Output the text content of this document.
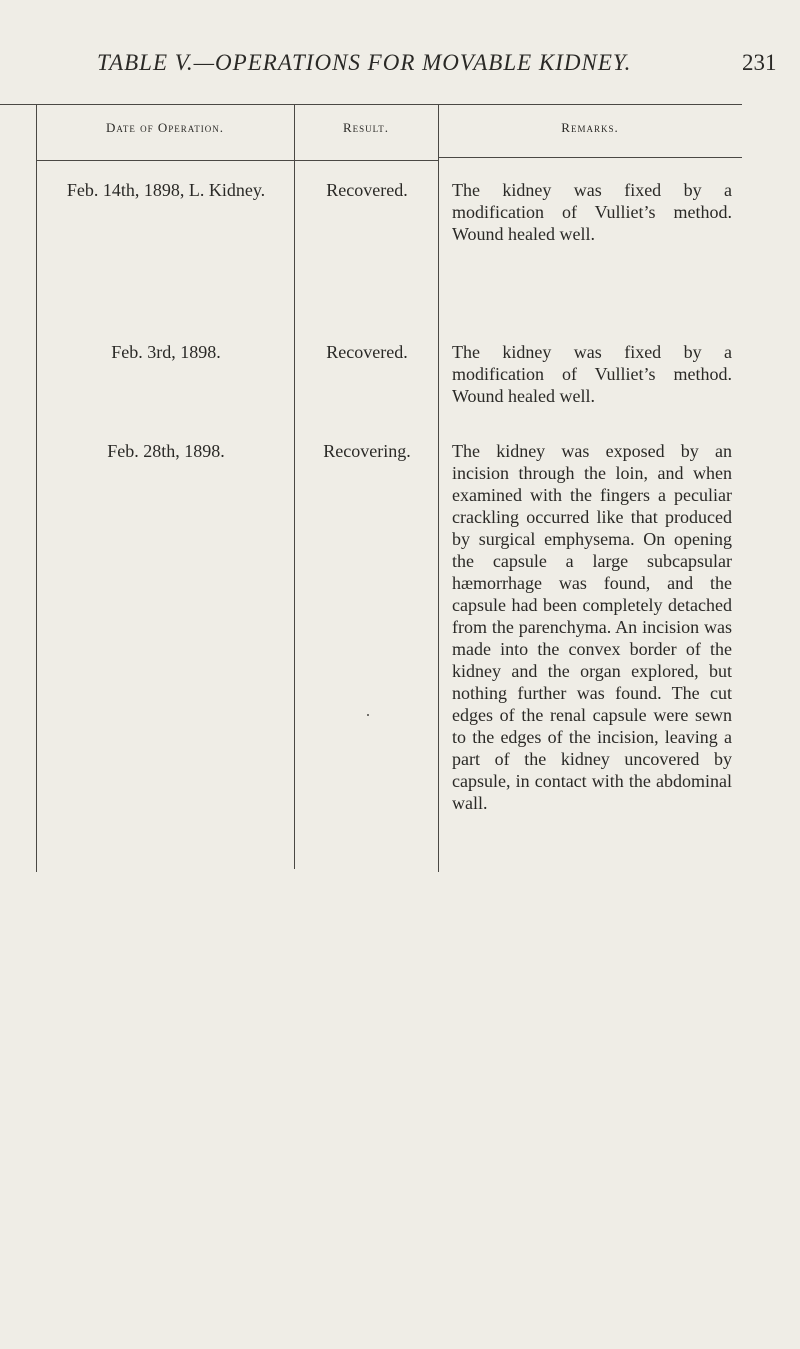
TABLE V.—OPERATIONS FOR MOVABLE KIDNEY.	231
Date of Operation.	Result.	Remarks.
Feb. 14th, 1898, L. Kidney.	Recovered.	The kidney was fixed by a modification of Vulliet’s method. Wound healed well.
Feb. 3rd, 1898.	Recovered.	The kidney was fixed by a modification of Vulliet’s method. Wound healed well.
Feb. 28th, 1898.	Recovering.	The kidney was exposed by an incision through the loin, and when examined with the fingers a peculiar crackling occurred like that produced by surgical emphysema. On opening the capsule a large subcapsular hæmorrhage was found, and the capsule had been completely detached from the parenchyma. An incision was made into the convex border of the kidney and the organ explored, but nothing further was found. The cut edges of the renal capsule were sewn to the edges of the incision, leaving a part of the kidney uncovered by capsule, in contact with the abdominal wall.
